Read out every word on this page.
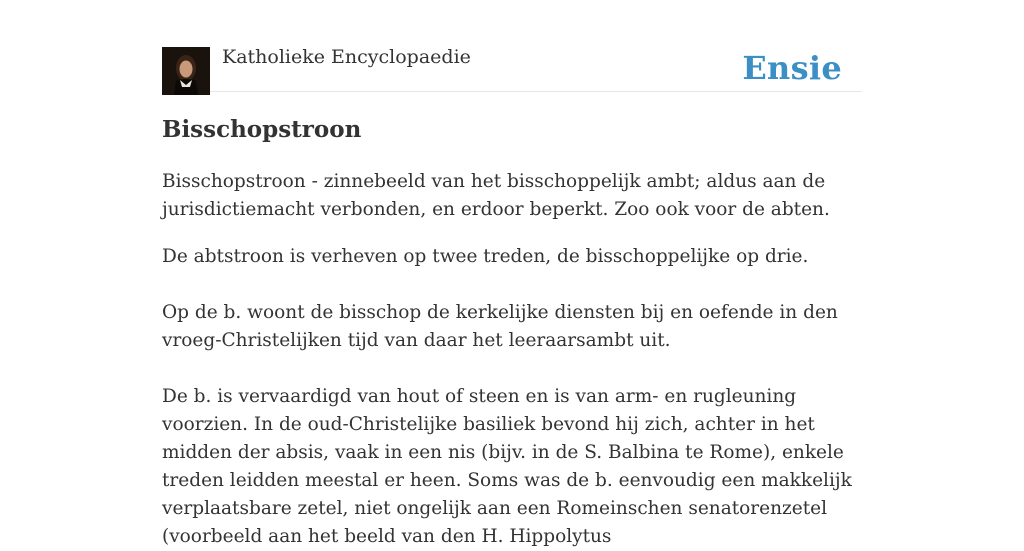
Katholieke Encyclopaedie	Ensie
Bisschopstroon

Bisschopstroon - zinnebeeld van het bisschoppelijk ambt; aldus aan de jurisdictiemacht verbonden, en erdoor beperkt. Zoo ook voor de abten.

De abtstroon is verheven op twee treden, de bisschoppelijke op drie.

Op de b. woont de bisschop de kerkelijke diensten bij en oefende in den vroeg-Christelijken tijd van daar het leeraarsambt uit.

De b. is vervaardigd van hout of steen en is van arm- en rugleuning voorzien. In de oud-Christelijke basiliek bevond hij zich, achter in het midden der absis, vaak in een nis (bijv. in de S. Balbina te Rome), enkele treden leidden meestal er heen. Soms was de b. eenvoudig een makkelijk verplaatsbare zetel, niet ongelijk aan een Romeinschen senatorenzetel (voorbeeld aan het beeld van den H. Hippolytus
